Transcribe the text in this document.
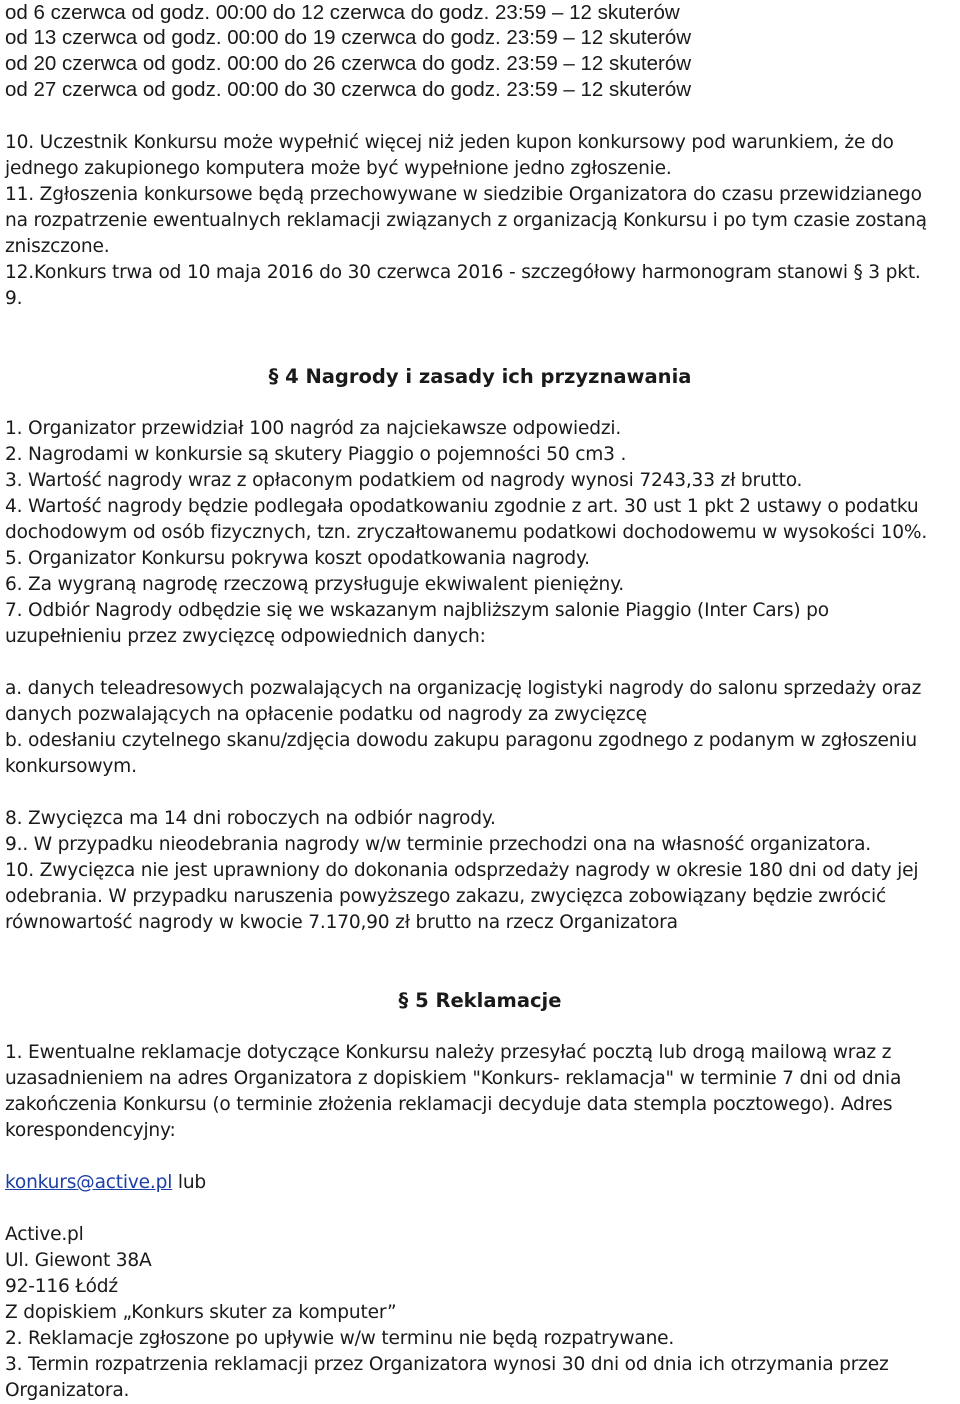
od 6 czerwca od godz. 00:00 do 12 czerwca do godz. 23:59 – 12 skuterów
od 13 czerwca od godz. 00:00 do 19 czerwca do godz. 23:59 – 12 skuterów
od 20 czerwca od godz. 00:00 do 26 czerwca do godz. 23:59 – 12 skuterów
od 27 czerwca od godz. 00:00 do 30 czerwca do godz. 23:59 – 12 skuterów
10. Uczestnik Konkursu może wypełnić więcej niż jeden kupon konkursowy pod warunkiem, że do
jednego zakupionego komputera może być wypełnione jedno zgłoszenie.
11. Zgłoszenia konkursowe będą przechowywane w siedzibie Organizatora do czasu przewidzianego
na rozpatrzenie ewentualnych reklamacji związanych z organizacją Konkursu i po tym czasie zostaną
zniszczone.
12.Konkurs trwa od 10 maja 2016 do 30 czerwca 2016 - szczegółowy harmonogram stanowi § 3 pkt.
9.
§ 4 Nagrody i zasady ich przyznawania
1. Organizator przewidział 100 nagród za najciekawsze odpowiedzi.
2. Nagrodami w konkursie są skutery Piaggio o pojemności 50 cm3 .
3. Wartość nagrody wraz z opłaconym podatkiem od nagrody wynosi 7243,33 zł brutto.
4. Wartość nagrody będzie podlegała opodatkowaniu zgodnie z art. 30 ust 1 pkt 2 ustawy o podatku
dochodowym od osób fizycznych, tzn. zryczałtowanemu podatkowi dochodowemu w wysokości 10%.
5. Organizator Konkursu pokrywa koszt opodatkowania nagrody.
6. Za wygraną nagrodę rzeczową przysługuje ekwiwalent pieniężny.
7. Odbiór Nagrody odbędzie się we wskazanym najbliższym salonie Piaggio (Inter Cars) po
uzupełnieniu przez zwycięzcę odpowiednich danych:
a. danych teleadresowych pozwalających na organizację logistyki nagrody do salonu sprzedaży oraz
danych pozwalających na opłacenie podatku od nagrody za zwycięzcę
b. odesłaniu czytelnego skanu/zdjęcia dowodu zakupu paragonu zgodnego z podanym w zgłoszeniu
konkursowym.
8. Zwycięzca ma 14 dni roboczych na odbiór nagrody.
9.. W przypadku nieodebrania nagrody w/w terminie przechodzi ona na własność organizatora.
10. Zwycięzca nie jest uprawniony do dokonania odsprzedaży nagrody w okresie 180 dni od daty jej
odebrania. W przypadku naruszenia powyższego zakazu, zwycięzca zobowiązany będzie zwrócić
równowartość nagrody w kwocie 7.170,90 zł brutto na rzecz Organizatora
§ 5 Reklamacje
1. Ewentualne reklamacje dotyczące Konkursu należy przesyłać pocztą lub drogą mailową wraz z
uzasadnieniem na adres Organizatora z dopiskiem "Konkurs- reklamacja" w terminie 7 dni od dnia
zakończenia Konkursu (o terminie złożenia reklamacji decyduje data stempla pocztowego). Adres
korespondencyjny:
konkurs@active.pl lub
Active.pl
Ul. Giewont 38A
92-116 Łódź
Z dopiskiem „Konkurs skuter za komputer”
2. Reklamacje zgłoszone po upływie w/w terminu nie będą rozpatrywane.
3. Termin rozpatrzenia reklamacji przez Organizatora wynosi 30 dni od dnia ich otrzymania przez
Organizatora.
